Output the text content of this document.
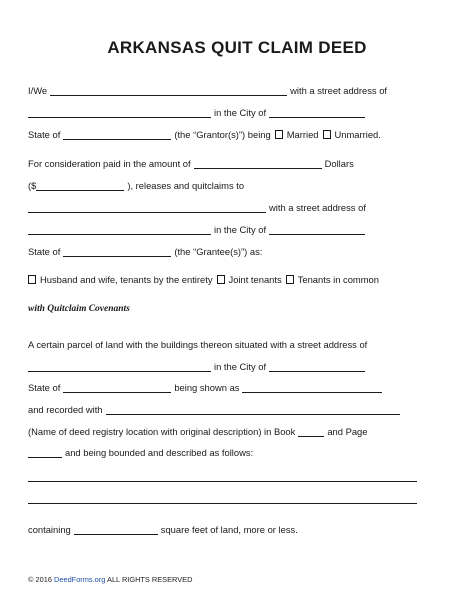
ARKANSAS QUIT CLAIM DEED
I/We	with a street address of
in the City of
State of	(the “Grantor(s)”) being Married Unmarried.
For consideration paid in the amount of	Dollars
($	), releases and quitclaims to
with a street address of
in the City of
State of	(the “Grantee(s)”) as:
Husband and wife, tenants by the entirety Joint tenants Tenants in common
with Quitclaim Covenants
A certain parcel of land with the buildings thereon situated with a street address of
in the City of
State of	being shown as
and recorded with
(Name of deed registry location with original description) in Book	and Page
and being bounded and described as follows:
containing	square feet of land, more or less.
© 2016 DeedForms.org ALL RIGHTS RESERVED
